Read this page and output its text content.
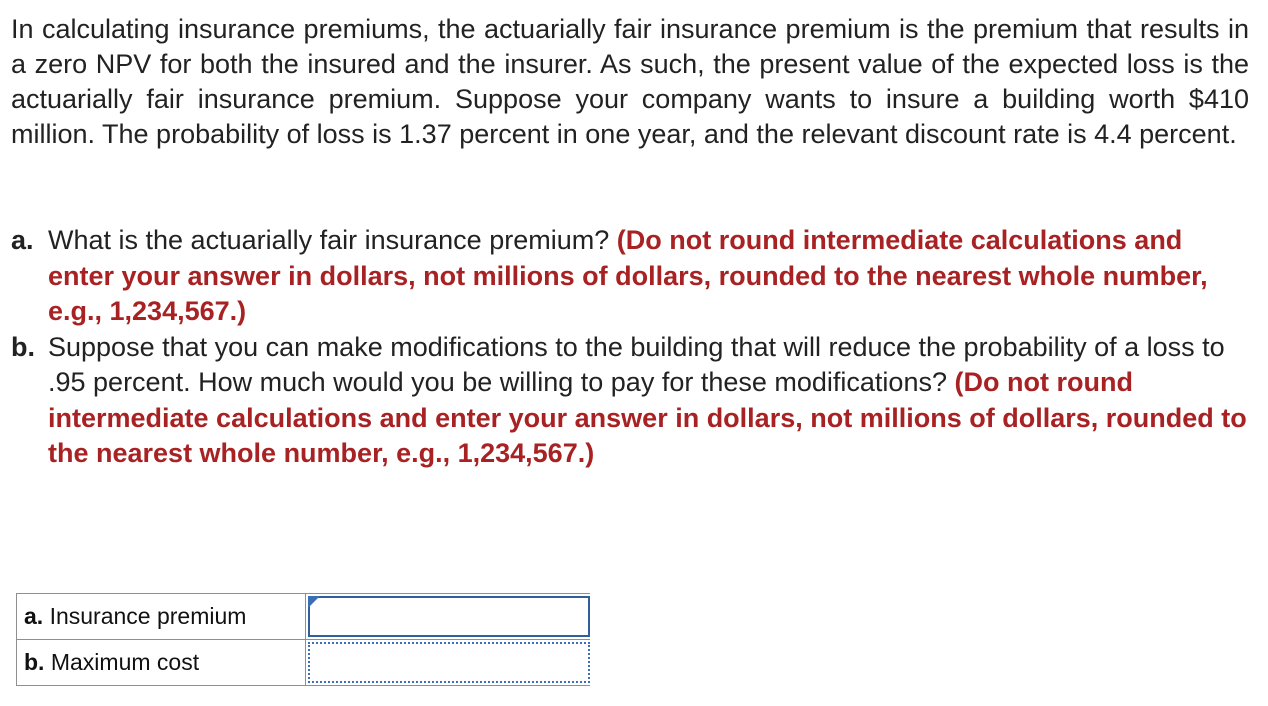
In calculating insurance premiums, the actuarially fair insurance premium is the premium that results in a zero NPV for both the insured and the insurer. As such, the present value of the expected loss is the actuarially fair insurance premium. Suppose your company wants to insure a building worth $410 million. The probability of loss is 1.37 percent in one year, and the relevant discount rate is 4.4 percent.

a. What is the actuarially fair insurance premium? (Do not round intermediate calculations and enter your answer in dollars, not millions of dollars, rounded to the nearest whole number, e.g., 1,234,567.)
b. Suppose that you can make modifications to the building that will reduce the probability of a loss to .95 percent. How much would you be willing to pay for these modifications? (Do not round intermediate calculations and enter your answer in dollars, not millions of dollars, rounded to the nearest whole number, e.g., 1,234,567.)
a. Insurance premium	

b. Maximum cost	
